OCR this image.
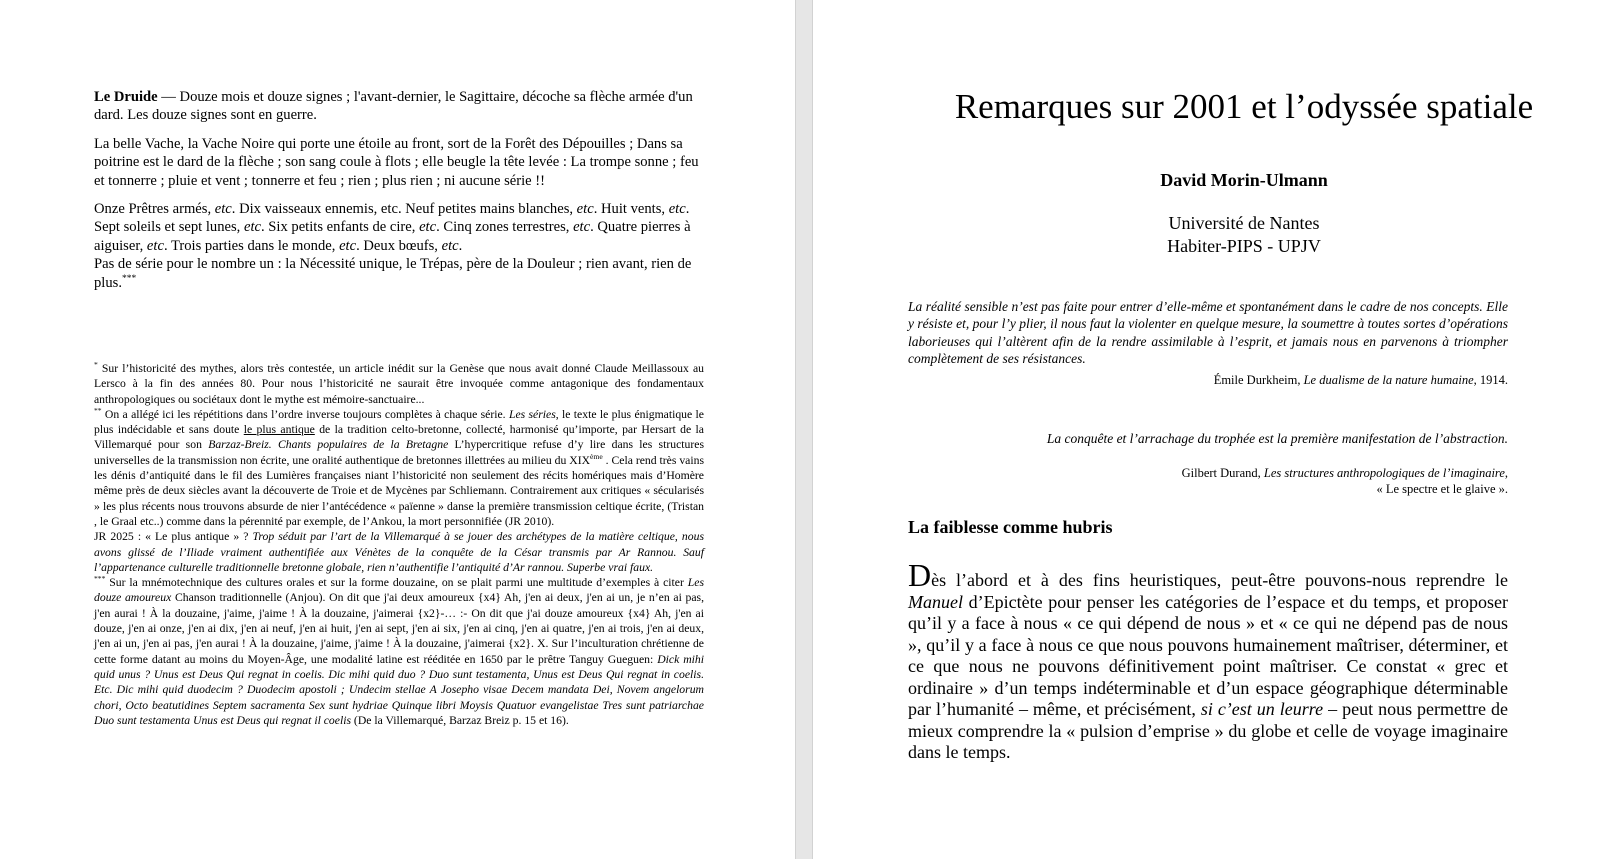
Le Druide — Douze mois et douze signes ; l'avant-dernier, le Sagittaire, décoche sa flèche armée d'un dard. Les douze signes sont en guerre.

La belle Vache, la Vache Noire qui porte une étoile au front, sort de la Forêt des Dépouilles ; Dans sa poitrine est le dard de la flèche ; son sang coule à flots ; elle beugle la tête levée : La trompe sonne ; feu et tonnerre ; pluie et vent ; tonnerre et feu ; rien ; plus rien ; ni aucune série !!

Onze Prêtres armés, etc. Dix vaisseaux ennemis, etc. Neuf petites mains blanches, etc. Huit vents, etc. Sept soleils et sept lunes, etc. Six petits enfants de cire, etc. Cinq zones terrestres, etc. Quatre pierres à aiguiser, etc. Trois parties dans le monde, etc. Deux bœufs, etc.

Pas de série pour le nombre un : la Nécessité unique, le Trépas, père de la Douleur ; rien avant, rien de plus.***

* Sur l’historicité des mythes, alors très contestée, un article inédit sur la Genèse que nous avait donné Claude Meillassoux au Lersco à la fin des années 80. Pour nous l’historicité ne saurait être invoquée comme antagonique des fondamentaux anthropologiques ou sociétaux dont le mythe est mémoire-sanctuaire...

** On a allégé ici les répétitions dans l’ordre inverse toujours complètes à chaque série. Les séries, le texte le plus énigmatique le plus indécidable et sans doute le plus antique de la tradition celto-bretonne, collecté, harmonisé qu’importe, par Hersart de la Villemarqué pour son Barzaz-Breiz. Chants populaires de la Bretagne L’hypercritique refuse d’y lire dans les structures universelles de la transmission non écrite, une oralité authentique de bretonnes illettrées au milieu du XIXème . Cela rend très vains les dénis d’antiquité dans le fil des Lumières françaises niant l’historicité non seulement des récits homériques mais d’Homère même près de deux siècles avant la découverte de Troie et de Mycènes par Schliemann. Contrairement aux critiques « sécularisés » les plus récents nous trouvons absurde de nier l’antécédence « païenne » danse la première transmission celtique écrite, (Tristan , le Graal etc..) comme dans la pérennité par exemple, de l’Ankou, la mort personnifiée (JR 2010).

JR 2025 : « Le plus antique » ? Trop séduit par l’art de la Villemarqué à se jouer des archétypes de la matière celtique, nous avons glissé de l’Iliade vraiment authentifiée aux Vénètes de la conquête de la César transmis par Ar Rannou. Sauf l’appartenance culturelle traditionnelle bretonne globale, rien n’authentifie l’antiquité d’Ar rannou. Superbe vrai faux.

*** Sur la mnémotechnique des cultures orales et sur la forme douzaine, on se plait parmi une multitude d’exemples à citer Les douze amoureux Chanson traditionnelle (Anjou). On dit que j'ai deux amoureux {x4} Ah, j'en ai deux, j'en ai un, je n’en ai pas, j'en aurai ! À la douzaine, j'aime, j'aime ! À la douzaine, j'aimerai {x2}-… :- On dit que j'ai douze amoureux {x4} Ah, j'en ai douze, j'en ai onze, j'en ai dix, j'en ai neuf, j'en ai huit, j'en ai sept, j'en ai six, j'en ai cinq, j'en ai quatre, j'en ai trois, j'en ai deux, j'en ai un, j'en ai pas, j'en aurai ! À la douzaine, j'aime, j'aime ! À la douzaine, j'aimerai {x2}. X. Sur l’inculturation chrétienne de cette forme datant au moins du Moyen-Âge, une modalité latine est rééditée en 1650 par le prêtre Tanguy Gueguen: Dick mihi quid unus ? Unus est Deus Qui regnat in coelis. Dic mihi quid duo ? Duo sunt testamenta, Unus est Deus Qui regnat in coelis. Etc. Dic mihi quid duodecim ? Duodecim apostoli ; Undecim stellae A Josepho visae Decem mandata Dei, Novem angelorum chori, Octo beatutidines Septem sacramenta Sex sunt hydriae Quinque libri Moysis Quatuor evangelistae Tres sunt patriarchae Duo sunt testamenta Unus est Deus qui regnat il coelis (De la Villemarqué, Barzaz Breiz p. 15 et 16).

Remarques sur 2001 et l’odyssée spatiale
David Morin-Ulmann
Université de Nantes
Habiter-PIPS - UPJV
La réalité sensible n’est pas faite pour entrer d’elle-même et spontanément dans le cadre de nos concepts. Elle y résiste et, pour l’y plier, il nous faut la violenter en quelque mesure, la soumettre à toutes sortes d’opérations laborieuses qui l’altèrent afin de la rendre assimilable à l’esprit, et jamais nous en parvenons à triompher complètement de ses résistances.
Émile Durkheim, Le dualisme de la nature humaine, 1914.
La conquête et l’arrachage du trophée est la première manifestation de l’abstraction.
Gilbert Durand, Les structures anthropologiques de l’imaginaire,
« Le spectre et le glaive ».
La faiblesse comme hubris
Dès l’abord et à des fins heuristiques, peut-être pouvons-nous reprendre le Manuel d’Epictète pour penser les catégories de l’espace et du temps, et proposer qu’il y a face à nous « ce qui dépend de nous » et « ce qui ne dépend pas de nous », qu’il y a face à nous ce que nous pouvons humainement maîtriser, déterminer, et ce que nous ne pouvons définitivement point maîtriser. Ce constat « grec et ordinaire » d’un temps indéterminable et d’un espace géographique déterminable par l’humanité – même, et précisément, si c’est un leurre – peut nous permettre de mieux comprendre la « pulsion d’emprise » du globe et celle de voyage imaginaire dans le temps.
